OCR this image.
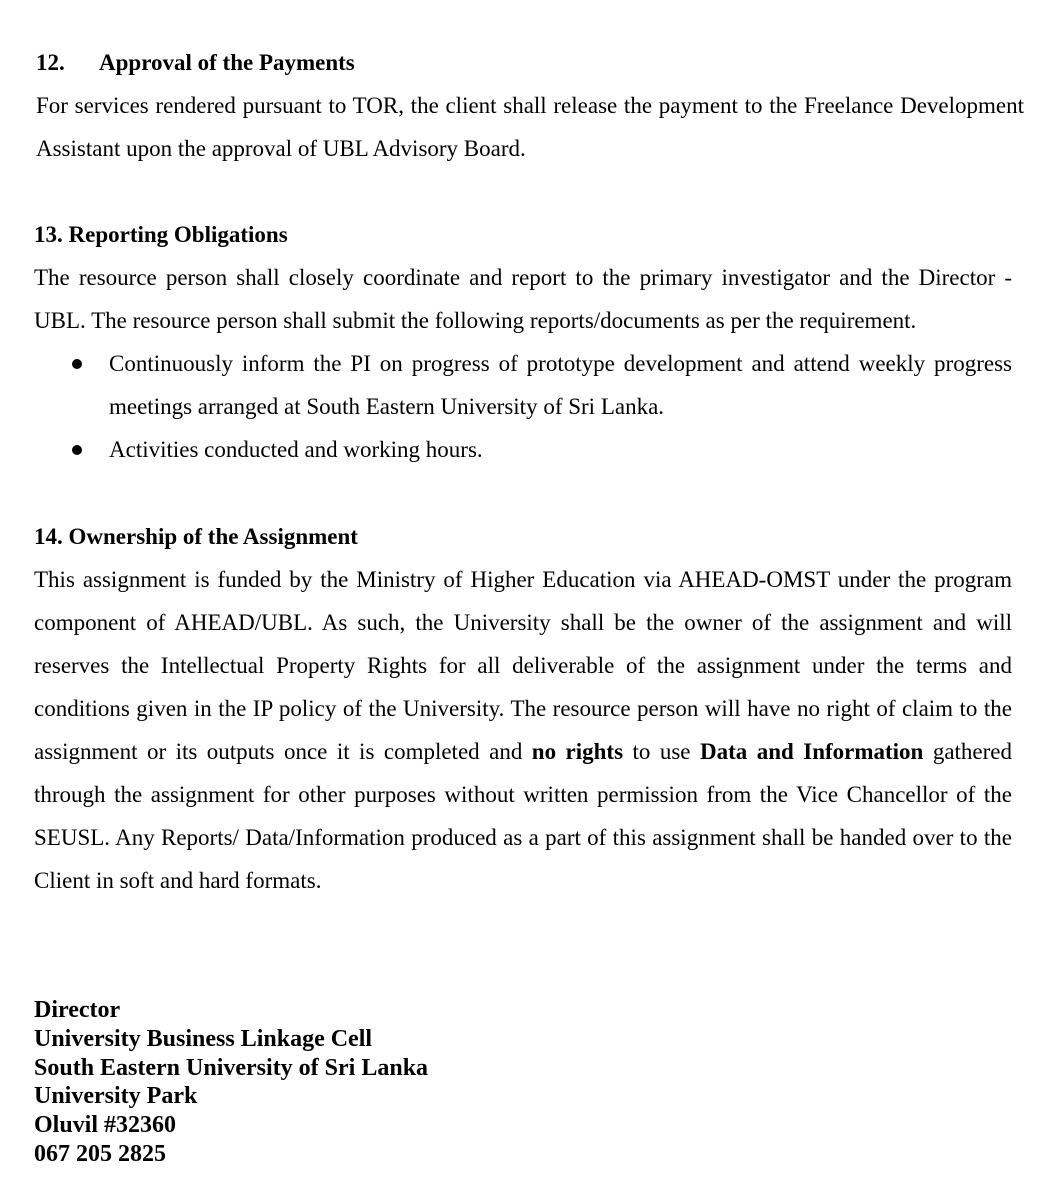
12. Approval of the Payments

For services rendered pursuant to TOR, the client shall release the payment to the Freelance Development Assistant upon the approval of UBL Advisory Board.

13. Reporting Obligations

The resource person shall closely coordinate and report to the primary investigator and the Director - UBL. The resource person shall submit the following reports/documents as per the requirement.

Continuously inform the PI on progress of prototype development and attend weekly progress meetings arranged at South Eastern University of Sri Lanka.
Activities conducted and working hours.

14. Ownership of the Assignment

This assignment is funded by the Ministry of Higher Education via AHEAD-OMST under the program component of AHEAD/UBL. As such, the University shall be the owner of the assignment and will reserves the Intellectual Property Rights for all deliverable of the assignment under the terms and conditions given in the IP policy of the University. The resource person will have no right of claim to the assignment or its outputs once it is completed and no rights to use Data and Information gathered through the assignment for other purposes without written permission from the Vice Chancellor of the SEUSL. Any Reports/ Data/Information produced as a part of this assignment shall be handed over to the Client in soft and hard formats.

Director
University Business Linkage Cell
South Eastern University of Sri Lanka
University Park
Oluvil #32360
067 205 2825
